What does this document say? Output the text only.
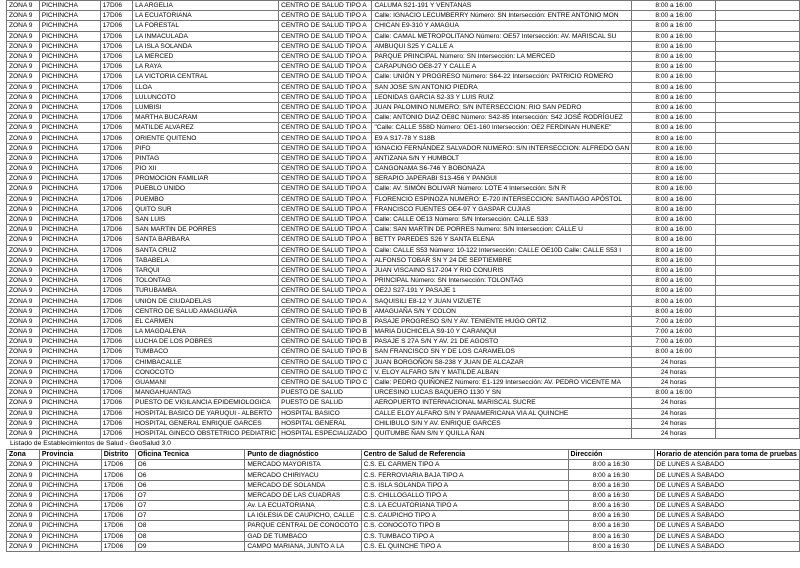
ZONA 9	PICHINCHA	17D06	LA ARGELIA	CENTRO DE SALUD TIPO A	CALUMA S21-191 Y VENTANAS	8:00 a 16:00	
ZONA 9	PICHINCHA	17D06	LA ECUATORIANA	CENTRO DE SALUD TIPO A	Calle: IGNACIO LECUMBERRY Número: SN Intersección: ENTRE ANTONIO MON	8:00 a 16:00	
ZONA 9	PICHINCHA	17D06	LA FORESTAL	CENTRO DE SALUD TIPO A	CHICAN E9-310 Y AMAGUA	8:00 a 16:00	
ZONA 9	PICHINCHA	17D06	LA INMACULADA	CENTRO DE SALUD TIPO A	Calle: CAMAL METROPOLITANO Número: OE57 Intersección: AV. MARISCAL SU	8:00 a 16:00	
ZONA 9	PICHINCHA	17D06	LA ISLA SOLANDA	CENTRO DE SALUD TIPO A	AMBUQUI S25 Y CALLE A	8:00 a 16:00	
ZONA 9	PICHINCHA	17D06	LA MERCED	CENTRO DE SALUD TIPO A	PARQUE PRINCIPAL Número: SN Intersección: LA MERCED	8:00 a 16:00	
ZONA 9	PICHINCHA	17D06	LA RAYA	CENTRO DE SALUD TIPO A	CARAPUNGO OE8-27 Y CALLE A	8:00 a 16:00	
ZONA 9	PICHINCHA	17D06	LA VICTORIA CENTRAL	CENTRO DE SALUD TIPO A	Calle: UNIÓN Y PROGRESO Número: S64-22 Intersección: PATRICIO ROMERO	8:00 a 16:00	
ZONA 9	PICHINCHA	17D06	LLOA	CENTRO DE SALUD TIPO A	SAN JOSE S/N ANTONIO PIEDRA	8:00 a 16:00	
ZONA 9	PICHINCHA	17D06	LULUNCOTO	CENTRO DE SALUD TIPO A	LEONIDAS GARCIA S2-33 Y LUIS RUIZ	8:00 a 16:00	
ZONA 9	PICHINCHA	17D06	LUMBISI	CENTRO DE SALUD TIPO A	JUAN PALOMINO NUMERO: S/N INTERSECCION: RIO SAN PEDRO	8:00 a 16:00	
ZONA 9	PICHINCHA	17D06	MARTHA BUCARAM	CENTRO DE SALUD TIPO A	Calle: ANTONIO DIAZ OE8C Número: S42-85 Intersección: S42 JOSÉ RODRÍGUEZ	8:00 a 16:00	
ZONA 9	PICHINCHA	17D06	MATILDE ALVAREZ	CENTRO DE SALUD TIPO A	"Calle: CALLE S58D Número: OE1-160 Intersección: OE2 FERDINAN HUNEKE"	8:00 a 16:00	
ZONA 9	PICHINCHA	17D06	ORIENTE QUITENO	CENTRO DE SALUD TIPO A	E9 A S17-78 Y S18B	8:00 a 16:00	
ZONA 9	PICHINCHA	17D06	PIFO	CENTRO DE SALUD TIPO A	IGNACIO FERNÁNDEZ SALVADOR NUMERO: S/N INTERSECCION: ALFREDO GAN	8:00 a 16:00	
ZONA 9	PICHINCHA	17D06	PINTAG	CENTRO DE SALUD TIPO A	ANTIZANA S/N Y HUMBOLT	8:00 a 16:00	
ZONA 9	PICHINCHA	17D06	PIO XII	CENTRO DE SALUD TIPO A	CANGONAMA S6-746 Y BOBONAZA	8:00 a 16:00	
ZONA 9	PICHINCHA	17D06	PROMOCION FAMILIAR	CENTRO DE SALUD TIPO A	SERAPIO JAPERABI S13-456 Y PANGUI	8:00 a 16:00	
ZONA 9	PICHINCHA	17D06	PUEBLO UNIDO	CENTRO DE SALUD TIPO A	Calle: AV. SIMÓN BOLIVAR Número: LOTE 4 Intersección: S/N R	8:00 a 16:00	
ZONA 9	PICHINCHA	17D06	PUEMBO	CENTRO DE SALUD TIPO A	FLORENCIO ESPINOZA NUMERO: E-720 INTERSECCION: SANTIAGO APÓSTOL	8:00 a 16:00	
ZONA 9	PICHINCHA	17D06	QUITO SUR	CENTRO DE SALUD TIPO A	FRANCISCO FUENTES OE4-97 Y GASPAR CUJIAS	8:00 a 16:00	
ZONA 9	PICHINCHA	17D06	SAN LUIS	CENTRO DE SALUD TIPO A	Calle: CALLE OE13 Número: S/N Intersección: CALLE S33	8:00 a 16:00	
ZONA 9	PICHINCHA	17D06	SAN MARTIN DE PORRES	CENTRO DE SALUD TIPO A	Calle: SAN MARTIN DE PORRES Numero: S/N Interseccion: CALLE U	8:00 a 16:00	
ZONA 9	PICHINCHA	17D06	SANTA BARBARA	CENTRO DE SALUD TIPO A	BETTY PAREDES S26 Y SANTA ELENA	8:00 a 16:00	
ZONA 9	PICHINCHA	17D06	SANTA CRUZ	CENTRO DE SALUD TIPO A	Calle: CALLE S53 Número: 10-122 Intersección: CALLE OE10D Calle: CALLE S53 I	8:00 a 16:00	
ZONA 9	PICHINCHA	17D06	TABABELA	CENTRO DE SALUD TIPO A	ALFONSO TOBAR SN Y 24 DE SEPTIEMBRE	8:00 a 16:00	
ZONA 9	PICHINCHA	17D06	TARQUI	CENTRO DE SALUD TIPO A	JUAN VISCAINO S17-204 Y RIO CONURIS	8:00 a 16:00	
ZONA 9	PICHINCHA	17D06	TOLONTAG	CENTRO DE SALUD TIPO A	PRINCIPAL Número: SN Intersección: TOLONTAG	8:00 a 16:00	
ZONA 9	PICHINCHA	17D06	TURUBAMBA	CENTRO DE SALUD TIPO A	OE2J S27-191 Y PASAJE 1	8:00 a 16:00	
ZONA 9	PICHINCHA	17D06	UNION DE CIUDADELAS	CENTRO DE SALUD TIPO A	SAQUISILI E8-12 Y JUAN VIZUETE	8:00 a 16:00	
ZONA 9	PICHINCHA	17D06	CENTRO DE SALUD AMAGUAÑA	CENTRO DE SALUD TIPO B	AMAGUAÑA S/N Y COLON	8:00 a 16:00	
ZONA 9	PICHINCHA	17D06	EL CARMEN	CENTRO DE SALUD TIPO B	PASAJE PROGRESO S/N Y AV. TENIENTE HUGO ORTIZ	7:00 a 16:00	
ZONA 9	PICHINCHA	17D06	LA MAGDALENA	CENTRO DE SALUD TIPO B	MARIA DUCHICELA S9-10 Y CARANQUI	7:00 a 16:00	
ZONA 9	PICHINCHA	17D06	LUCHA DE LOS POBRES	CENTRO DE SALUD TIPO B	PASAJE S 27A S/N Y AV. 21 DE AGOSTO	7:00 a 16:00	
ZONA 9	PICHINCHA	17D06	TUMBACO	CENTRO DE SALUD TIPO B	SAN FRANCISCO SN Y DE LOS CARAMELOS	8:00 a 16:00	
ZONA 9	PICHINCHA	17D06	CHIMBACALLE	CENTRO DE SALUD TIPO C	JUAN BORGOÑON S8-238 Y JUAN DE ALCAZAR	24 horas	
ZONA 9	PICHINCHA	17D06	CONOCOTO	CENTRO DE SALUD TIPO C	V. ELOY ALFARO S/N Y MATILDE ALBAN	24 horas	
ZONA 9	PICHINCHA	17D06	GUAMANI	CENTRO DE SALUD TIPO C	Calle: PEDRO QUIÑONEZ Número: E1-129 Intersección: AV. PEDRO VICENTE MA	24 horas	
ZONA 9	PICHINCHA	17D06	MANGAHUANTAG	PUESTO DE SALUD	URCESINO LUCAS BAQUERO 1130 Y SN	8:00 a 16:00	
ZONA 9	PICHINCHA	17D06	PUESTO DE VIGILANCIA EPIDEMIOLOGICA	PUESTO DE SALUD	AEROPUERTO INTERNACIONAL MARISCAL SUCRE	24 horas	
ZONA 9	PICHINCHA	17D06	HOSPITAL BASICO DE YARUQUI - ALBERTO	HOSPITAL BASICO	CALLE ELOY ALFARO S/N Y PANAMERICANA VIA AL QUINCHE	24 horas	
ZONA 9	PICHINCHA	17D06	HOSPITAL GENERAL ENRIQUE GARCES	HOSPITAL GENERAL	CHILIBULO S/N Y AV. ENRIQUE GARCES	24 horas	
ZONA 9	PICHINCHA	17D06	HOSPITAL GINECO OBSTETRICO PEDIATRIC	HOSPITAL ESPECIALIZADO	QUITUMBE ÑAN S/N Y QUILLA ÑAN	24 horas	
Listado de Establecimientos de Salud - GeoSalud 3.0
Zona	Provincia	Distrito	Oficina Tecnica	Punto de diagnóstico	Centro de Salud de Referencia	Dirección	Horario de atención para toma de pruebas
ZONA 9	PICHINCHA	17D06	O6	MERCADO MAYORISTA	C.S. EL CARMEN TIPO A	8:00 a 16:30	DE LUNES A SABADO
ZONA 9	PICHINCHA	17D06	O6	MERCADO CHIRIYACU	C.S. FERROVIARIA BAJA TIPO A	8:00 a 16:30	DE LUNES A SABADO
ZONA 9	PICHINCHA	17D06	O6	MERCADO DE SOLANDA	C.S. ISLA SOLANDA TIPO A	8:00 a 16:30	DE LUNES A SABADO
ZONA 9	PICHINCHA	17D06	O7	MERCADO DE LAS CUADRAS	C.S. CHILLOGALLO TIPO A	8:00 a 16:30	DE LUNES A SABADO
ZONA 9	PICHINCHA	17D06	O7	Av. LA ECUATORIANA	C.S. LA ECUATORIANA TIPO A	8:00 a 16:30	DE LUNES A SABADO
ZONA 9	PICHINCHA	17D06	O7	LA IGLESIA DE CAUPICHO, CALLE	C.S. CAUPICHO TIPO A	8:00 a 16:30	DE LUNES A SABADO
ZONA 9	PICHINCHA	17D06	O8	PARQUE CENTRAL DE CONOCOTO	C.S. CONOCOTO TIPO B	8:00 a 16:30	DE LUNES A SABADO
ZONA 9	PICHINCHA	17D06	O8	GAD DE TUMBACO	C.S. TUMBACO TIPO A	8:00 a 16:30	DE LUNES A SABADO
ZONA 9	PICHINCHA	17D06	O9	CAMPO MARIANA, JUNTO A LA	C.S. EL QUINCHE TIPO A	8:00 a 16:30	DE LUNES A SABADO
